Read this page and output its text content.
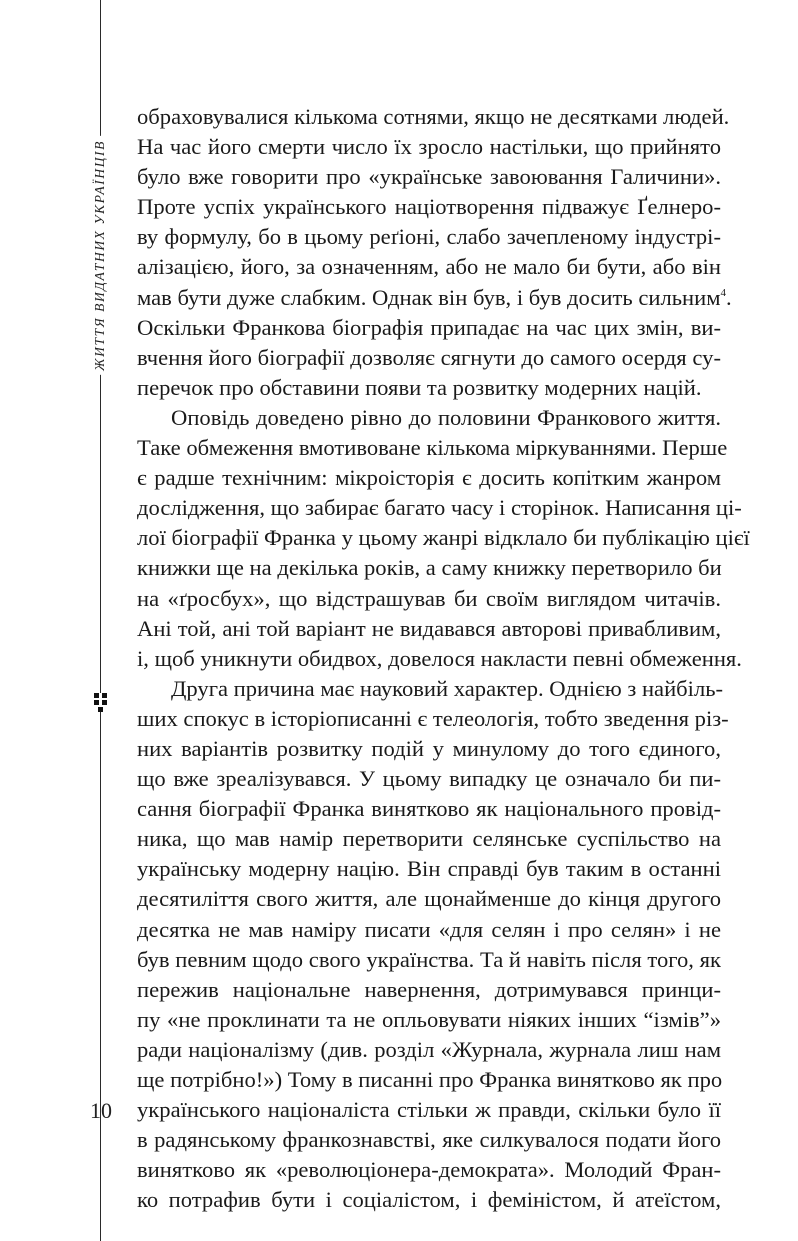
ЖИТТЯ ВИДАТНИХ УКРАЇНЦІВ
10
обраховувалися кількома сотнями, якщо не десятками людей.
На час його смерти число їх зросло настільки, що прийнято
було вже говорити про «українське завоювання Галичини».
Проте успіх українського націотворення підважує Ґелнеро-
ву формулу, бо в цьому реґіоні, слабо зачепленому індустрі-
алізацією, його, за означенням, або не мало би бути, або він
мав бути дуже слабким. Однак він був, і був досить сильним$^4$.
Оскільки Франкова біографія припадає на час цих змін, ви-
вчення його біографії дозволяє сягнути до самого осердя су-
перечок про обставини появи та розвитку модерних націй.
Оповідь доведено рівно до половини Франкового життя.
Таке обмеження вмотивоване кількома міркуваннями. Перше
є радше технічним: мікроісторія є досить копітким жанром
дослідження, що забирає багато часу і сторінок. Написання ці-
лої біографії Франка у цьому жанрі відклало би публікацію цієї
книжки ще на декілька років, а саму книжку перетворило би
на «ґросбух», що відстрашував би своїм виглядом читачів.
Ані той, ані той варіант не видавався авторові привабливим,
і, щоб уникнути обидвох, довелося накласти певні обмеження.
Друга причина має науковий характер. Однією з найбіль-
ших спокус в історіописанні є телеологія, тобто зведення різ-
них варіантів розвитку подій у минулому до того єдиного,
що вже зреалізувався. У цьому випадку це означало би пи-
сання біографії Франка винятково як національного провід-
ника, що мав намір перетворити селянське суспільство на
українську модерну націю. Він справді був таким в останні
десятиліття свого життя, але щонайменше до кінця другого
десятка не мав наміру писати «для селян і про селян» і не
був певним щодо свого українства. Та й навіть після того, як
пережив національне навернення, дотримувався принци-
пу «не проклинати та не опльовувати ніяких інших “ізмів”»
ради націоналізму (див. розділ «Журнала, журнала лиш нам
ще потрібно!») Тому в писанні про Франка винятково як про
українського націоналіста стільки ж правди, скільки було її
в радянському франкознавстві, яке силкувалося подати його
винятково як «революціонера-демократа». Молодий Фран-
ко потрафив бути і соціалістом, і феміністом, й атеїстом,
